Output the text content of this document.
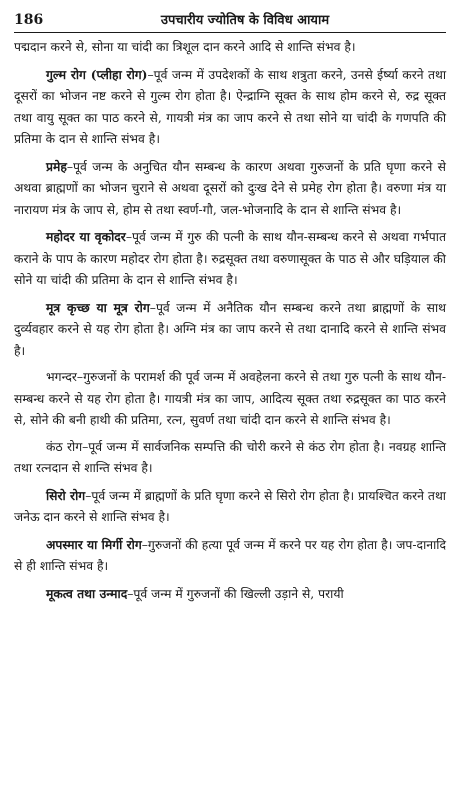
186	उपचारीय ज्योतिष के विविध आयाम

पद्मदान करने से, सोना या चांदी का त्रिशूल दान करने आदि से शान्ति संभव है।

गुल्म रोग (प्लीहा रोग)–पूर्व जन्म में उपदेशकों के साथ शत्रुता करने, उनसे ईर्ष्या करने तथा दूसरों का भोजन नष्ट करने से गुल्म रोग होता है। ऐन्द्राग्नि सूक्त के साथ होम करने से, रुद्र सूक्त तथा वायु सूक्त का पाठ करने से, गायत्री मंत्र का जाप करने से तथा सोने या चांदी के गणपति की प्रतिमा के दान से शान्ति संभव है।

प्रमेह–पूर्व जन्म के अनुचित यौन सम्बन्ध के कारण अथवा गुरुजनों के प्रति घृणा करने से अथवा ब्राह्मणों का भोजन चुराने से अथवा दूसरों को दुःख देने से प्रमेह रोग होता है। वरुणा मंत्र या नारायण मंत्र के जाप से, होम से तथा स्वर्ण-गौ, जल-भोजनादि के दान से शान्ति संभव है।

महोदर या वृकोदर–पूर्व जन्म में गुरु की पत्नी के साथ यौन-सम्बन्ध करने से अथवा गर्भपात कराने के पाप के कारण महोदर रोग होता है। रुद्रसूक्त तथा वरुणासूक्त के पाठ से और घड़ियाल की सोने या चांदी की प्रतिमा के दान से शान्ति संभव है।

मूत्र कृच्छ या मूत्र रोग–पूर्व जन्म में अनैतिक यौन सम्बन्ध करने तथा ब्राह्मणों के साथ दुर्व्यवहार करने से यह रोग होता है। अग्नि मंत्र का जाप करने से तथा दानादि करने से शान्ति संभव है।

भगन्दर–गुरुजनों के परामर्श की पूर्व जन्म में अवहेलना करने से तथा गुरु पत्नी के साथ यौन-सम्बन्ध करने से यह रोग होता है। गायत्री मंत्र का जाप, आदित्य सूक्त तथा रुद्रसूक्त का पाठ करने से, सोने की बनी हाथी की प्रतिमा, रत्न, सुवर्ण तथा चांदी दान करने से शान्ति संभव है।

कंठ रोग–पूर्व जन्म में सार्वजनिक सम्पत्ति की चोरी करने से कंठ रोग होता है। नवग्रह शान्ति तथा रत्नदान से शान्ति संभव है।

सिरो रोग–पूर्व जन्म में ब्राह्मणों के प्रति घृणा करने से सिरो रोग होता है। प्रायश्चित करने तथा जनेऊ दान करने से शान्ति संभव है।

अपस्मार या मिर्गी रोग–गुरुजनों की हत्या पूर्व जन्म में करने पर यह रोग होता है। जप-दानादि से ही शान्ति संभव है।

मूकत्व तथा उन्माद–पूर्व जन्म में गुरुजनों की खिल्ली उड़ाने से, परायी
